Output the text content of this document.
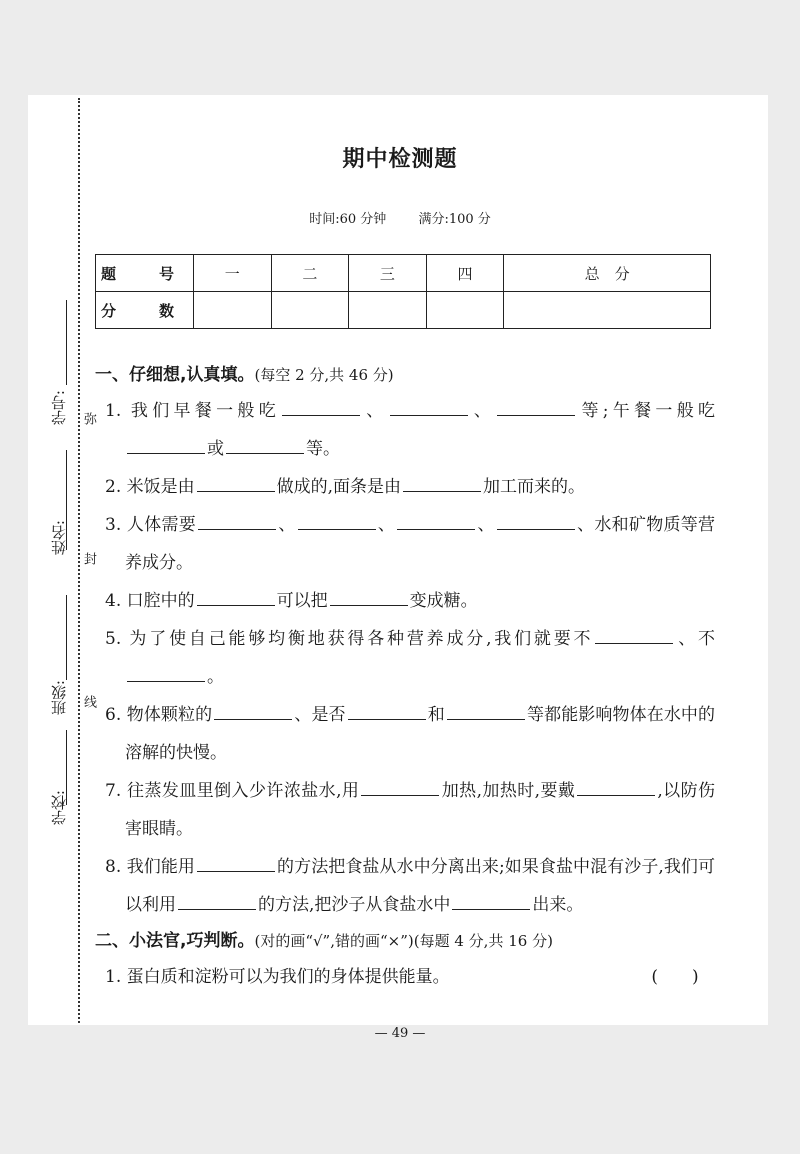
学号:
姓名:
班级:
学校:
弥
封
线
期中检测题
时间:60 分钟 满分:100 分
题　号	一	二	三	四	总　分
分　数					
一、仔细想,认真填。(每空 2 分,共 46 分)
1. 我们早餐一般吃	、	、	等;午餐一般吃或	等。
2. 米饭是由	做成的,面条是由	加工而来的。
3. 人体需要	、	、	、	、水和矿物质等营养成分。
4. 口腔中的	可以把	变成糖。
5. 为了使自己能够均衡地获得各种营养成分,我们就要不	、不。
6. 物体颗粒的	、是否	和	等都能影响物体在水中的溶解的快慢。
7. 往蒸发皿里倒入少许浓盐水,用	加热,加热时,要戴	,以防伤害眼睛。
8. 我们能用	的方法把食盐从水中分离出来;如果食盐中混有沙子,我们可以利用	的方法,把沙子从食盐水中	出来。
二、小法官,巧判断。(对的画“√”,错的画“×”)(每题 4 分,共 16 分)
1. 蛋白质和淀粉可以为我们的身体提供能量。	(　　)
— 49 —
